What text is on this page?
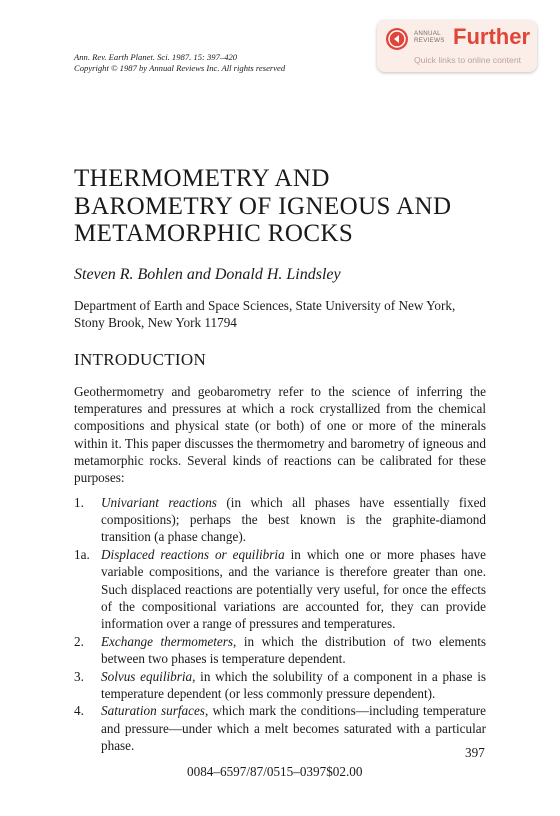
Ann. Rev. Earth Planet. Sci. 1987. 15: 397–420
Copyright © 1987 by Annual Reviews Inc. All rights reserved
ANNUAL
REVIEWS Further
Quick links to online content
THERMOMETRY AND
BAROMETRY OF IGNEOUS AND
METAMORPHIC ROCKS
Steven R. Bohlen and Donald H. Lindsley
Department of Earth and Space Sciences, State University of New York,
Stony Brook, New York 11794
INTRODUCTION

Geothermometry and geobarometry refer to the science of inferring the temperatures and pressures at which a rock crystallized from the chemical compositions and physical state (or both) of one or more of the minerals within it. This paper discusses the thermometry and barometry of igneous and metamorphic rocks. Several kinds of reactions can be calibrated for these purposes:

1. Univariant reactions (in which all phases have essentially fixed compositions); perhaps the best known is the graphite-diamond transition (a phase change).
1a. Displaced reactions or equilibria in which one or more phases have variable compositions, and the variance is therefore greater than one. Such displaced reactions are potentially very useful, for once the effects of the compositional variations are accounted for, they can provide information over a range of pressures and temperatures.
2. Exchange thermometers, in which the distribution of two elements between two phases is temperature dependent.
3. Solvus equilibria, in which the solubility of a component in a phase is temperature dependent (or less commonly pressure dependent).
4. Saturation surfaces, which mark the conditions—including temperature and pressure—under which a melt becomes saturated with a particular phase.	397
0084–6597/87/0515–0397$02.00
